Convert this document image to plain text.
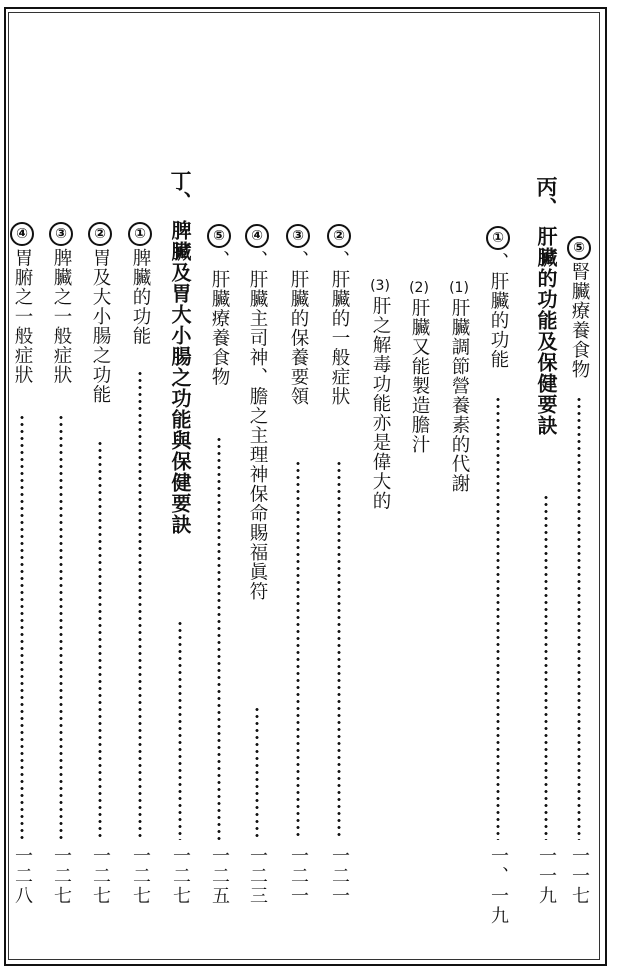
⑤
腎臟療養食物
一一七
丙、
肝臟的功能及保健要訣
一一九
①
、肝臟的功能
一、一九
(1)
肝臟調節營養素的代謝
(2)
肝臟又能製造膽汁
(3)
肝之解毒功能亦是偉大的
②
、肝臟的一般症狀
一二一
③
、肝臟的保養要領
一二一
④
、肝臟主司神、膽之主理神保命賜福眞符
一二三
⑤
、肝臟療養食物
一二五
丁、
脾臟及胃大小腸之功能與保健要訣
一二七
①
脾臟的功能
一二七
②
胃及大小腸之功能
一二七
③
脾臟之一般症狀
一二七
④
胃腑之一般症狀
一二八
